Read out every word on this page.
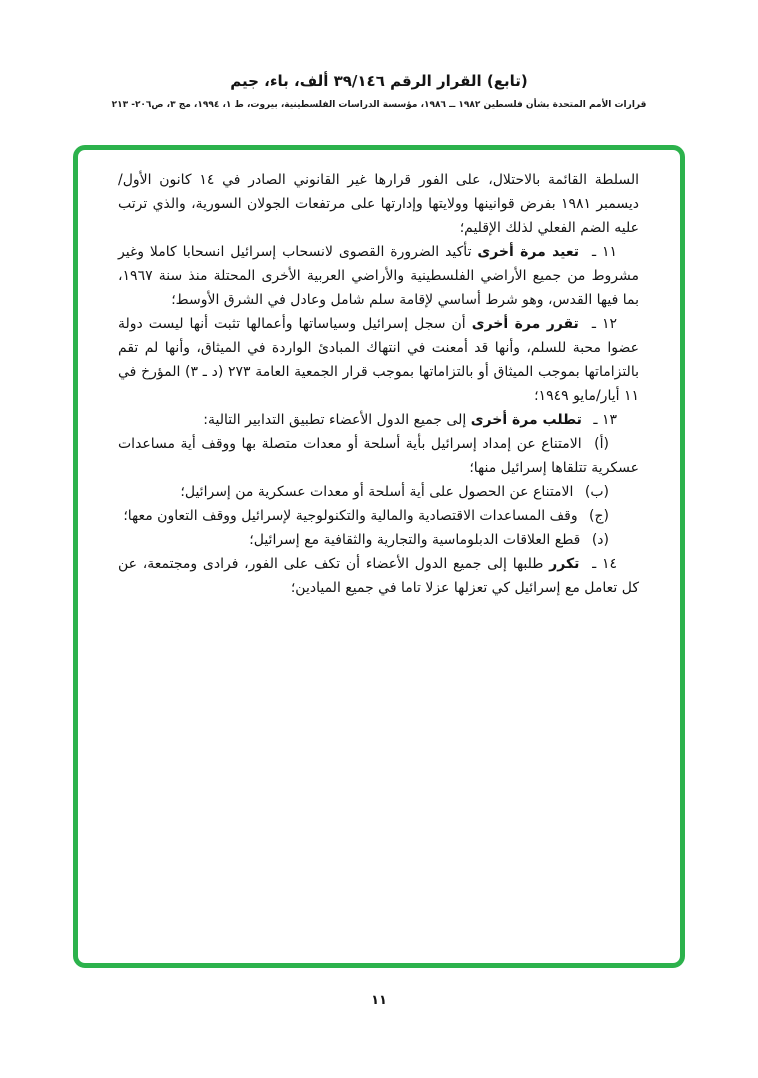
(تابع) القرار الرقم ٣٩/١٤٦ ألف، باء، جيم
قرارات الأمم المتحدة بشأن فلسطين ١٩٨٢ ــ ١٩٨٦، مؤسسة الدراسات الفلسطينية، بيروت، ط ١، ١٩٩٤، مج ٣، ص٢٠٦- ٢١٣

السلطة القائمة بالاحتلال، على الفور قرارها غير القانوني الصادر في ١٤ كانون الأول/ديسمبر ١٩٨١ بفرض قوانينها وولايتها وإدارتها على مرتفعات الجولان السورية، والذي ترتب عليه الضم الفعلي لذلك الإقليم؛

١١ ـ تعيد مرة أخرى تأكيد الضرورة القصوى لانسحاب إسرائيل انسحابا كاملا وغير مشروط من جميع الأراضي الفلسطينية والأراضي العربية الأخرى المحتلة منذ سنة ١٩٦٧، بما فيها القدس، وهو شرط أساسي لإقامة سلم شامل وعادل في الشرق الأوسط؛

١٢ ـ تقرر مرة أخرى أن سجل إسرائيل وسياساتها وأعمالها تثبت أنها ليست دولة عضوا محبة للسلم، وأنها قد أمعنت في انتهاك المبادئ الواردة في الميثاق، وأنها لم تقم بالتزاماتها بموجب الميثاق أو بالتزاماتها بموجب قرار الجمعية العامة ٢٧٣ (د ـ ٣) المؤرخ في ١١ أيار/مايو ١٩٤٩؛

١٣ ـ تطلب مرة أخرى إلى جميع الدول الأعضاء تطبيق التدابير التالية:

(أ) الامتناع عن إمداد إسرائيل بأية أسلحة أو معدات متصلة بها ووقف أية مساعدات عسكرية تتلقاها إسرائيل منها؛

(ب) الامتناع عن الحصول على أية أسلحة أو معدات عسكرية من إسرائيل؛

(ج) وقف المساعدات الاقتصادية والمالية والتكنولوجية لإسرائيل ووقف التعاون معها؛

(د) قطع العلاقات الدبلوماسية والتجارية والثقافية مع إسرائيل؛

١٤ ـ تكرر طلبها إلى جميع الدول الأعضاء أن تكف على الفور، فرادى ومجتمعة، عن كل تعامل مع إسرائيل كي تعزلها عزلا تاما في جميع الميادين؛

١١
